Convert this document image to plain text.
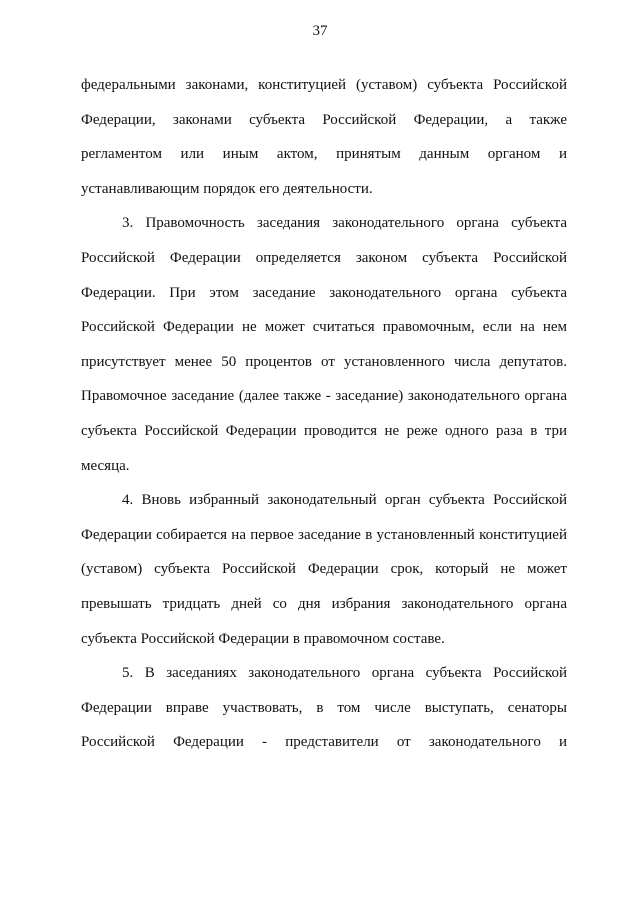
37
федеральными законами, конституцией (уставом) субъекта Российской
Федерации, законами субъекта Российской Федерации, а также
регламентом или иным актом, принятым данным органом и
устанавливающим порядок его деятельности.
3. Правомочность заседания законодательного органа субъекта
Российской Федерации определяется законом субъекта Российской
Федерации. При этом заседание законодательного органа субъекта
Российской Федерации не может считаться правомочным, если на нем
присутствует менее 50 процентов от установленного числа депутатов.
Правомочное заседание (далее также - заседание) законодательного органа
субъекта Российской Федерации проводится не реже одного раза в три
месяца.
4. Вновь избранный законодательный орган субъекта Российской
Федерации собирается на первое заседание в установленный конституцией
(уставом) субъекта Российской Федерации срок, который не может
превышать тридцать дней со дня избрания законодательного органа
субъекта Российской Федерации в правомочном составе.
5. В заседаниях законодательного органа субъекта Российской
Федерации вправе участвовать, в том числе выступать, сенаторы
Российской Федерации - представители от законодательного и
